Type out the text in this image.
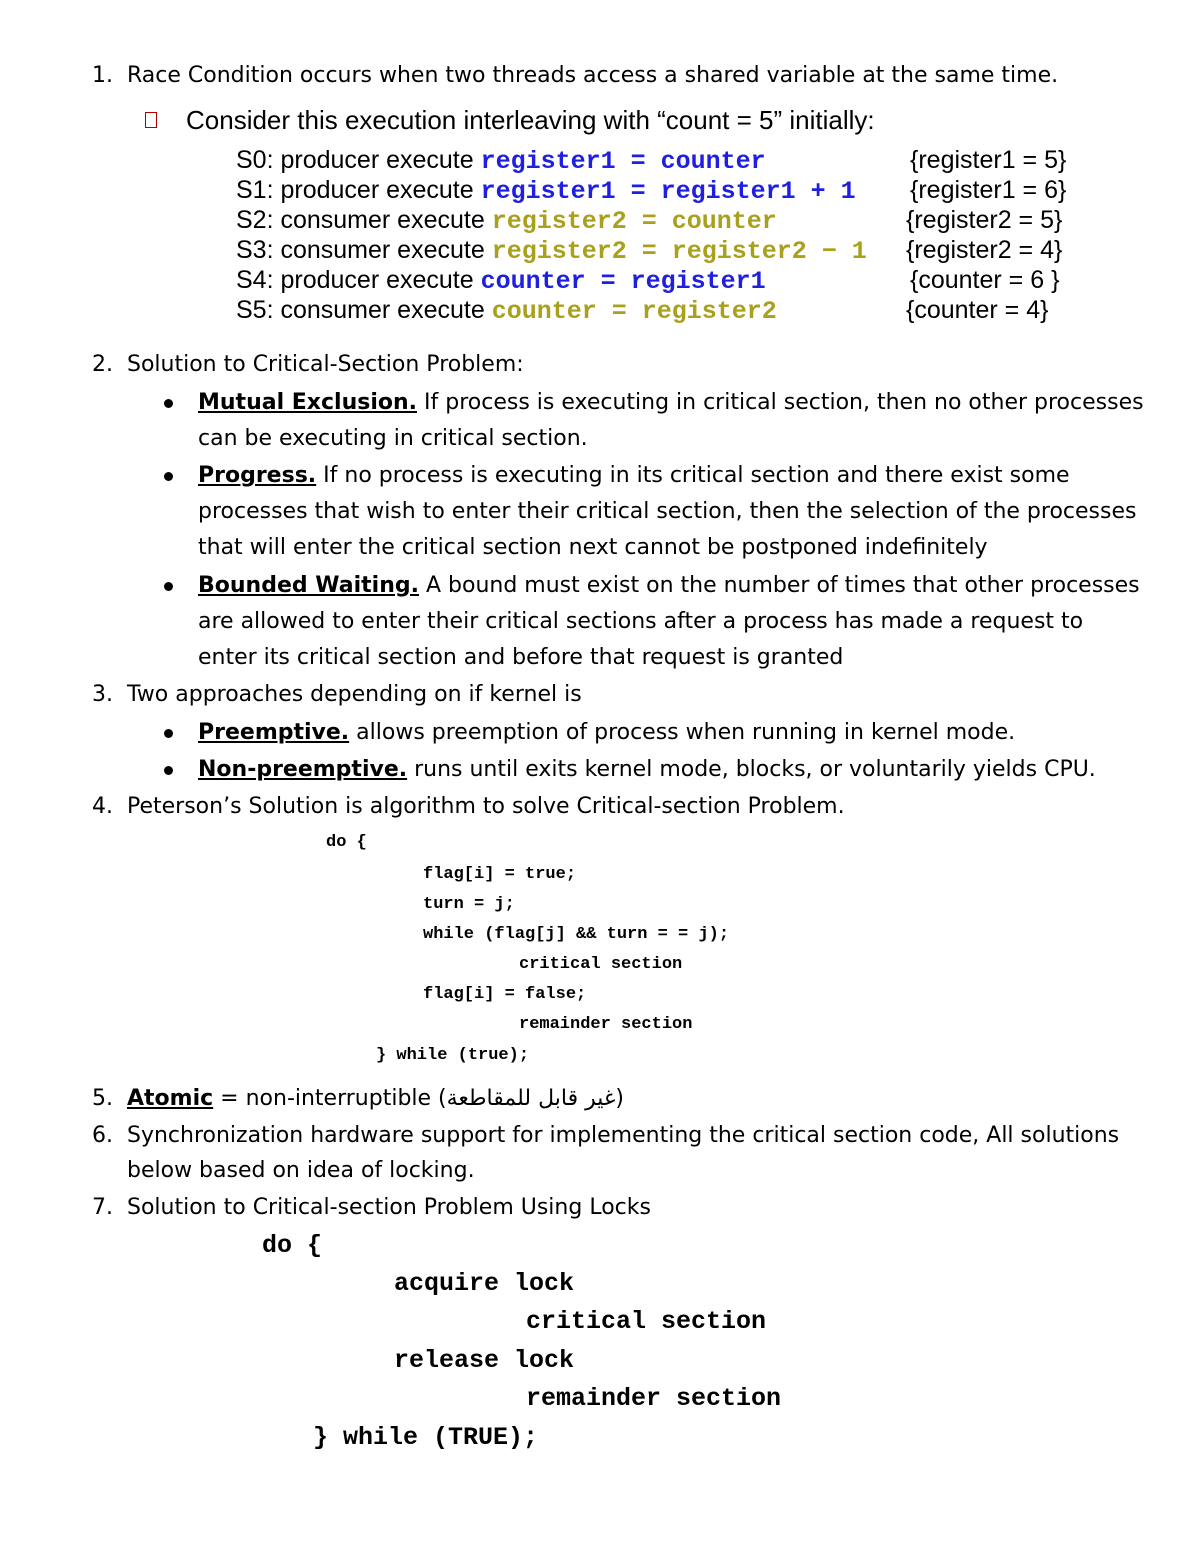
1. Race Condition occurs when two threads access a shared variable at the same time.
Consider this execution interleaving with “count = 5” initially:
S0: producer execute register1 = counter	{register1 = 5}
S1: producer execute register1 = register1 + 1 {register1 = 6}
S2: consumer execute register2 = counter	{register2 = 5}
S3: consumer execute register2 = register2 − 1 {register2 = 4}
S4: producer execute counter = register1	{counter = 6 }
S5: consumer execute counter = register2	{counter = 4}
2. Solution to Critical-Section Problem:
Mutual Exclusion. If process is executing in critical section, then no other processes
can be executing in critical section.
Progress. If no process is executing in its critical section and there exist some
processes that wish to enter their critical section, then the selection of the processes
that will enter the critical section next cannot be postponed indefinitely
Bounded Waiting. A bound must exist on the number of times that other processes
are allowed to enter their critical sections after a process has made a request to
enter its critical section and before that request is granted
3. Two approaches depending on if kernel is
Preemptive. allows preemption of process when running in kernel mode.
Non-preemptive. runs until exits kernel mode, blocks, or voluntarily yields CPU.
4. Peterson’s Solution is algorithm to solve Critical-section Problem.
do {
flag[i] = true;
turn = j;
while (flag[j] && turn = = j);
critical section
flag[i] = false;
remainder section
} while (true);
5. Atomic = non-interruptible (غير قابل للمقاطعة)
6. Synchronization hardware support for implementing the critical section code, All solutions
below based on idea of locking.
7. Solution to Critical-section Problem Using Locks
do {
acquire lock
critical section
release lock
remainder section
} while (TRUE);
